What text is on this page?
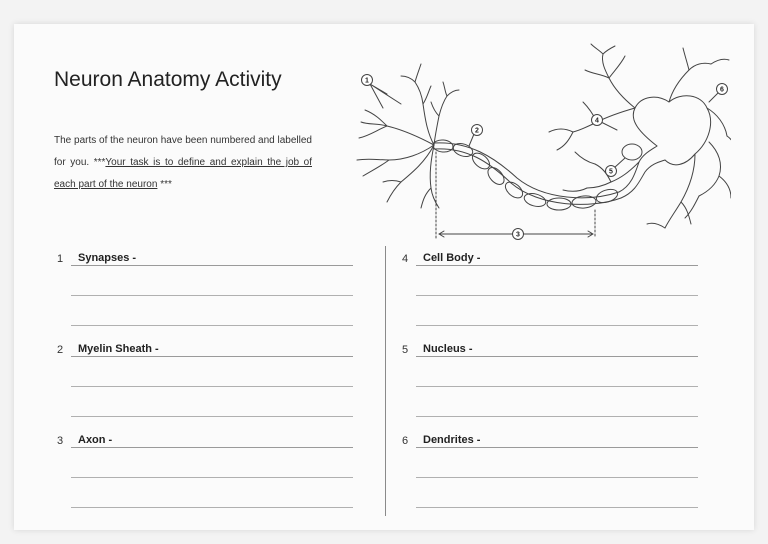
Neuron Anatomy Activity

The parts of the neuron have been numbered and labelled for you. ***Your task is to define and explain the job of each part of the neuron ***

1
2
3
4
5
6
1	Synapses -
2	Myelin Sheath -
3	Axon -
4	Cell Body -
5	Nucleus -
6	Dendrites -
